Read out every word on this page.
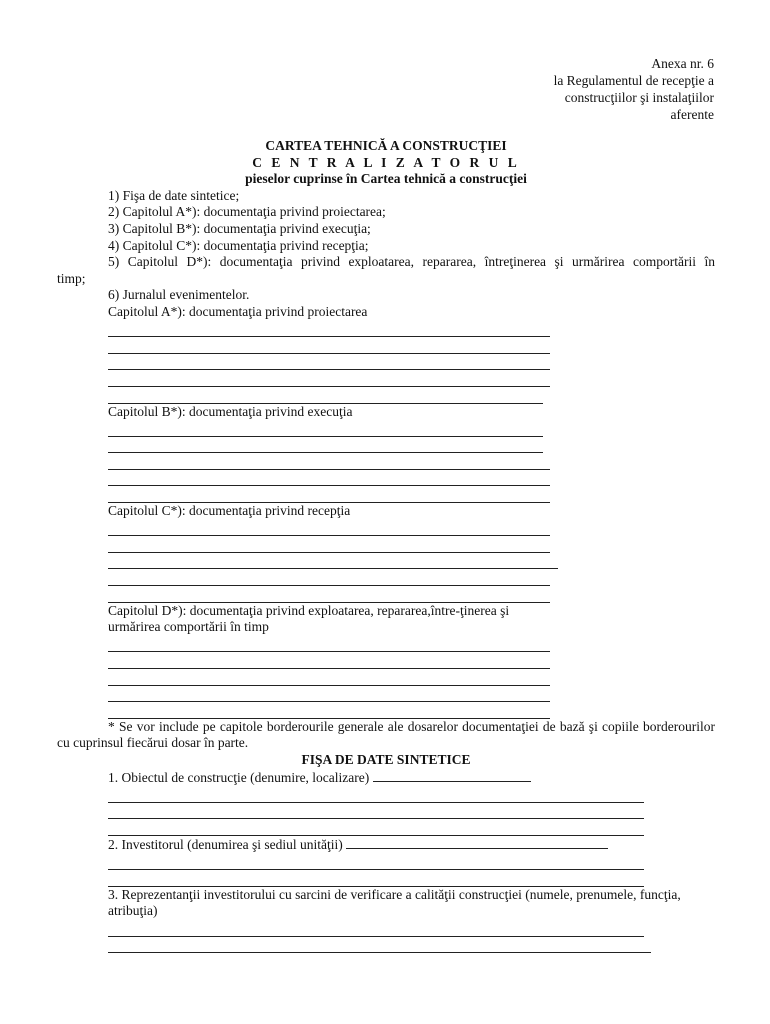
Anexa nr. 6
la Regulamentul de recepţie a
construcţiilor şi instalaţiilor
aferente
CARTEA TEHNICĂ A CONSTRUCŢIEI
C E N T R A L I Z A T O R U L
pieselor cuprinse în Cartea tehnică a construcţiei
1) Fişa de date sintetice;
2) Capitolul A*): documentaţia privind proiectarea;
3) Capitolul B*): documentaţia privind execuţia;
4) Capitolul C*): documentaţia privind recepţia;
5) Capitolul D*): documentaţia privind exploatarea, repararea, întreţinerea şi urmărirea comportării în timp;
6) Jurnalul evenimentelor.
Capitolul A*): documentaţia privind proiectarea
Capitolul B*): documentaţia privind execuţia
Capitolul C*): documentaţia privind recepţia
Capitolul D*): documentaţia privind exploatarea, repararea,între-ţinerea şi urmărirea comportării în timp
* Se vor include pe capitole borderourile generale ale dosarelor documentaţiei de bază şi copiile borderourilor cu cuprinsul fiecărui dosar în parte.
FIŞA DE DATE SINTETICE
1. Obiectul de construcţie (denumire, localizare)
2. Investitorul (denumirea şi sediul unităţii)
3. Reprezentanţii investitorului cu sarcini de verificare a calităţii construcţiei (numele, prenumele, funcţia, atribuţia)
